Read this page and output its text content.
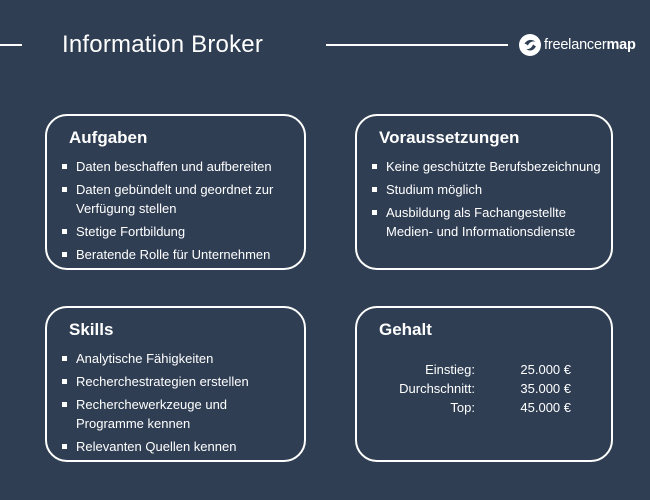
Information Broker	freelancermap
Aufgaben
Daten beschaffen und aufbereiten
Daten gebündelt und geordnet zur Verfügung stellen
Stetige Fortbildung
Beratende Rolle für Unternehmen
Voraussetzungen
Keine geschützte Berufsbezeichnung
Studium möglich
Ausbildung als Fachangestellte Medien- und Informationsdienste
Skills
Analytische Fähigkeiten
Recherchestrategien erstellen
Recherchewerkzeuge und Programme kennen
Relevanten Quellen kennen
Gehalt
Einstieg:	25.000 €
Durchschnitt:	35.000 €
Top:	45.000 €
